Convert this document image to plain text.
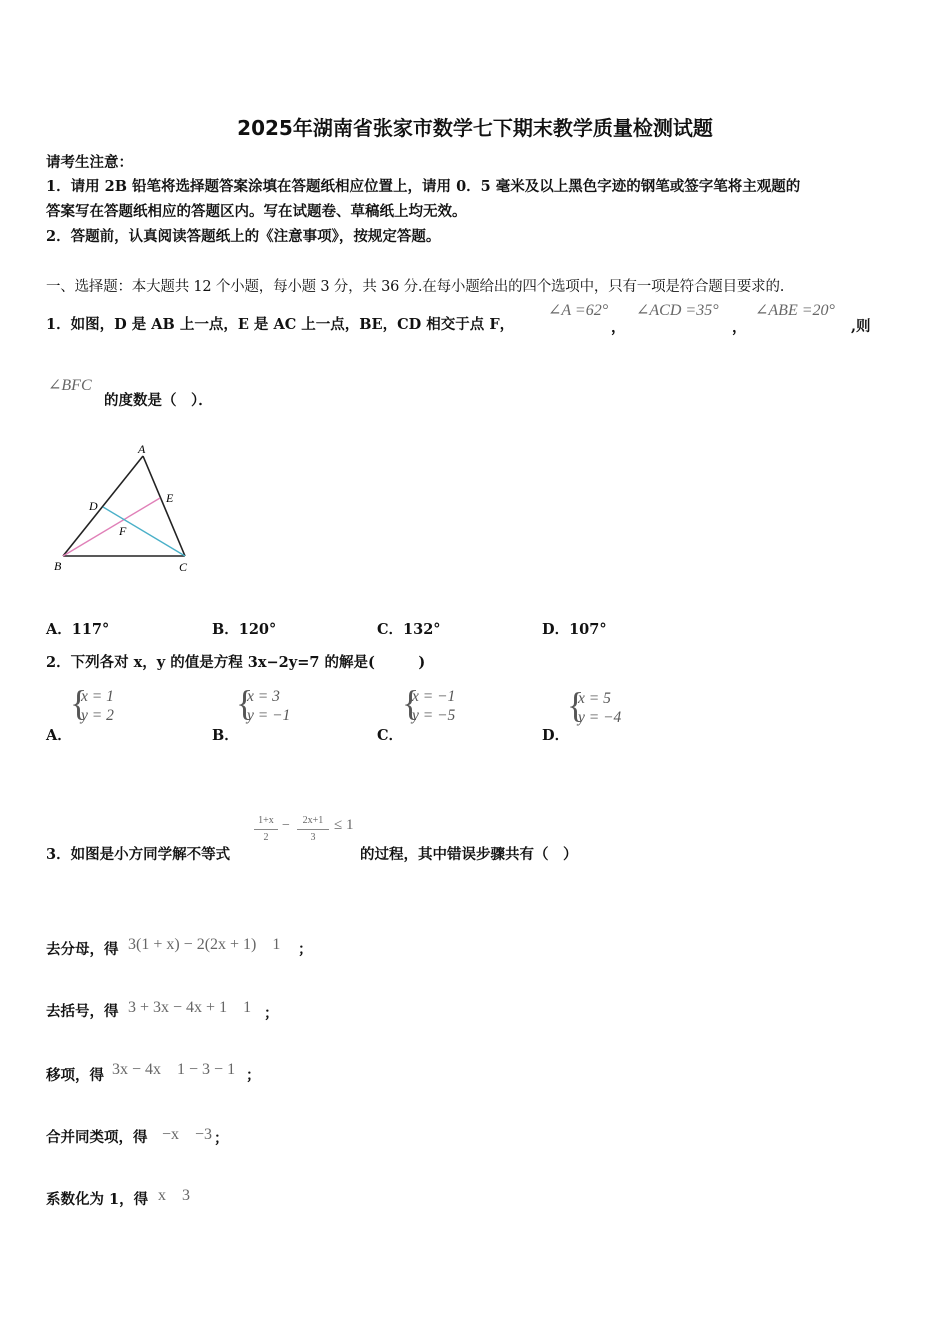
2025年湖南省张家市数学七下期末教学质量检测试题
请考生注意：
1．请用 2B 铅笔将选择题答案涂填在答题纸相应位置上，请用 0．5 毫米及以上黑色字迹的钢笔或签字笔将主观题的
答案写在答题纸相应的答题区内。写在试题卷、草稿纸上均无效。
2．答题前，认真阅读答题纸上的《注意事项》，按规定答题。
一、选择题：本大题共 12 个小题，每小题 3 分，共 36 分.在每小题给出的四个选项中，只有一项是符合题目要求的.
1．如图，D 是 AB 上一点，E 是 AC 上一点，BE，CD 相交于点 F，
∠A =62°
，
∠ACD =35°
，
∠ABE =20°
,则
∠BFC
的度数是（　）．
A
B	C
D
E
F
A．117°	B．120°	C．132°	D．107°
2．下列各对 x，y 的值是方程 3x−2y=7 的解是(　　　)
{
x = 1
y = 2
A．
{
x = 3
y = −1
B．
{
x = −1
y = −5
C．
{
x = 5
y = −4
D．
3．如图是小方同学解不等式
1+x
2
−	2x+1
3
≤ 1
的过程，其中错误步骤共有（　）
去分母，得 3(1 + x) − 2(2x + 1)　1 ；
去括号，得 3 + 3x − 4x + 1　1 ；
移项，得 3x − 4x　1 − 3 − 1 ；
合并同类项，得 −x　−3 ；
系数化为 1，得 x　3
